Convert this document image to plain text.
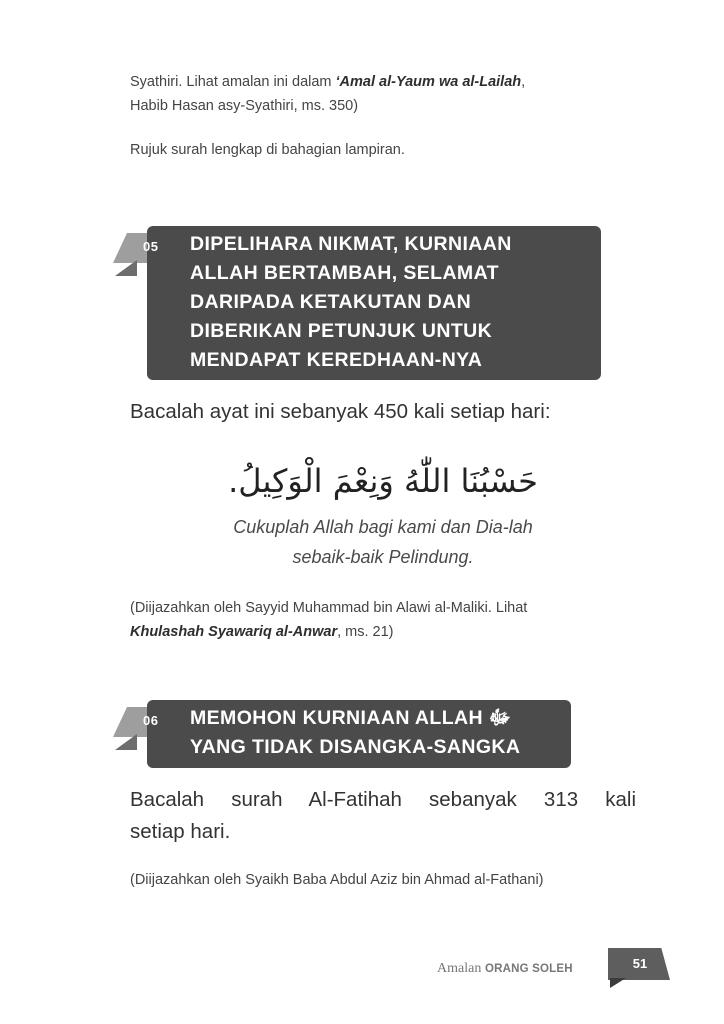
Syathiri. Lihat amalan ini dalam ‘Amal al-Yaum wa al-Lailah,
Habib Hasan asy-Syathiri, ms. 350)

Rujuk surah lengkap di bahagian lampiran.

DIPELIHARA NIKMAT, KURNIAAN
ALLAH BERTAMBAH, SELAMAT
DARIPADA KETAKUTAN DAN
DIBERIKAN PETUNJUK UNTUK
MENDAPAT KEREDHAAN-NYA
05

Bacalah ayat ini sebanyak 450 kali setiap hari:

حَسْبُنَا اللّٰهُ وَنِعْمَ الْوَكِيلُ.

Cukuplah Allah bagi kami dan Dia-lah
sebaik-baik Pelindung.

(Diijazahkan oleh Sayyid Muhammad bin Alawi al-Maliki. Lihat
Khulashah Syawariq al-Anwar, ms. 21)

MEMOHON KURNIAAN ALLAH ﷻ
YANG TIDAK DISANGKA-SANGKA
06

Bacalah surah Al-Fatihah sebanyak 313 kali
setiap hari.

(Diijazahkan oleh Syaikh Baba Abdul Aziz bin Ahmad al-Fathani)

Amalan ORANG SOLEH	51
